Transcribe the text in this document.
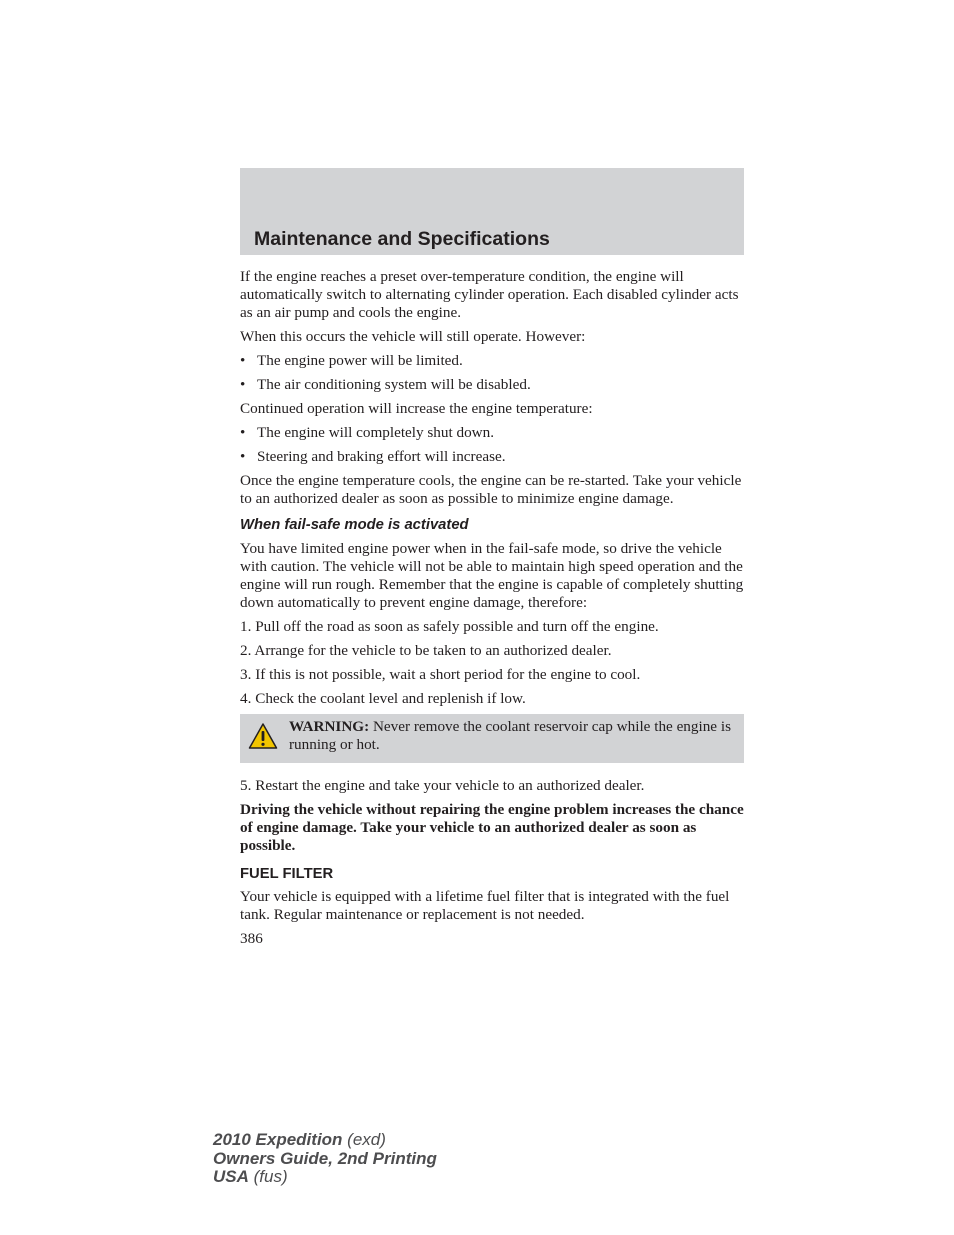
Maintenance and Specifications

If the engine reaches a preset over-temperature condition, the engine will automatically switch to alternating cylinder operation. Each disabled cylinder acts as an air pump and cools the engine.

When this occurs the vehicle will still operate. However:

• The engine power will be limited.
• The air conditioning system will be disabled.

Continued operation will increase the engine temperature:

• The engine will completely shut down.
• Steering and braking effort will increase.

Once the engine temperature cools, the engine can be re-started. Take your vehicle to an authorized dealer as soon as possible to minimize engine damage.

When fail-safe mode is activated

You have limited engine power when in the fail-safe mode, so drive the vehicle with caution. The vehicle will not be able to maintain high speed operation and the engine will run rough. Remember that the engine is capable of completely shutting down automatically to prevent engine damage, therefore:

1. Pull off the road as soon as safely possible and turn off the engine.

2. Arrange for the vehicle to be taken to an authorized dealer.

3. If this is not possible, wait a short period for the engine to cool.

4. Check the coolant level and replenish if low.

WARNING: Never remove the coolant reservoir cap while the engine is running or hot.

5. Restart the engine and take your vehicle to an authorized dealer.

Driving the vehicle without repairing the engine problem increases the chance of engine damage. Take your vehicle to an authorized dealer as soon as possible.

FUEL FILTER

Your vehicle is equipped with a lifetime fuel filter that is integrated with the fuel tank. Regular maintenance or replacement is not needed.

386
2010 Expedition (exd)
Owners Guide, 2nd Printing
USA (fus)
